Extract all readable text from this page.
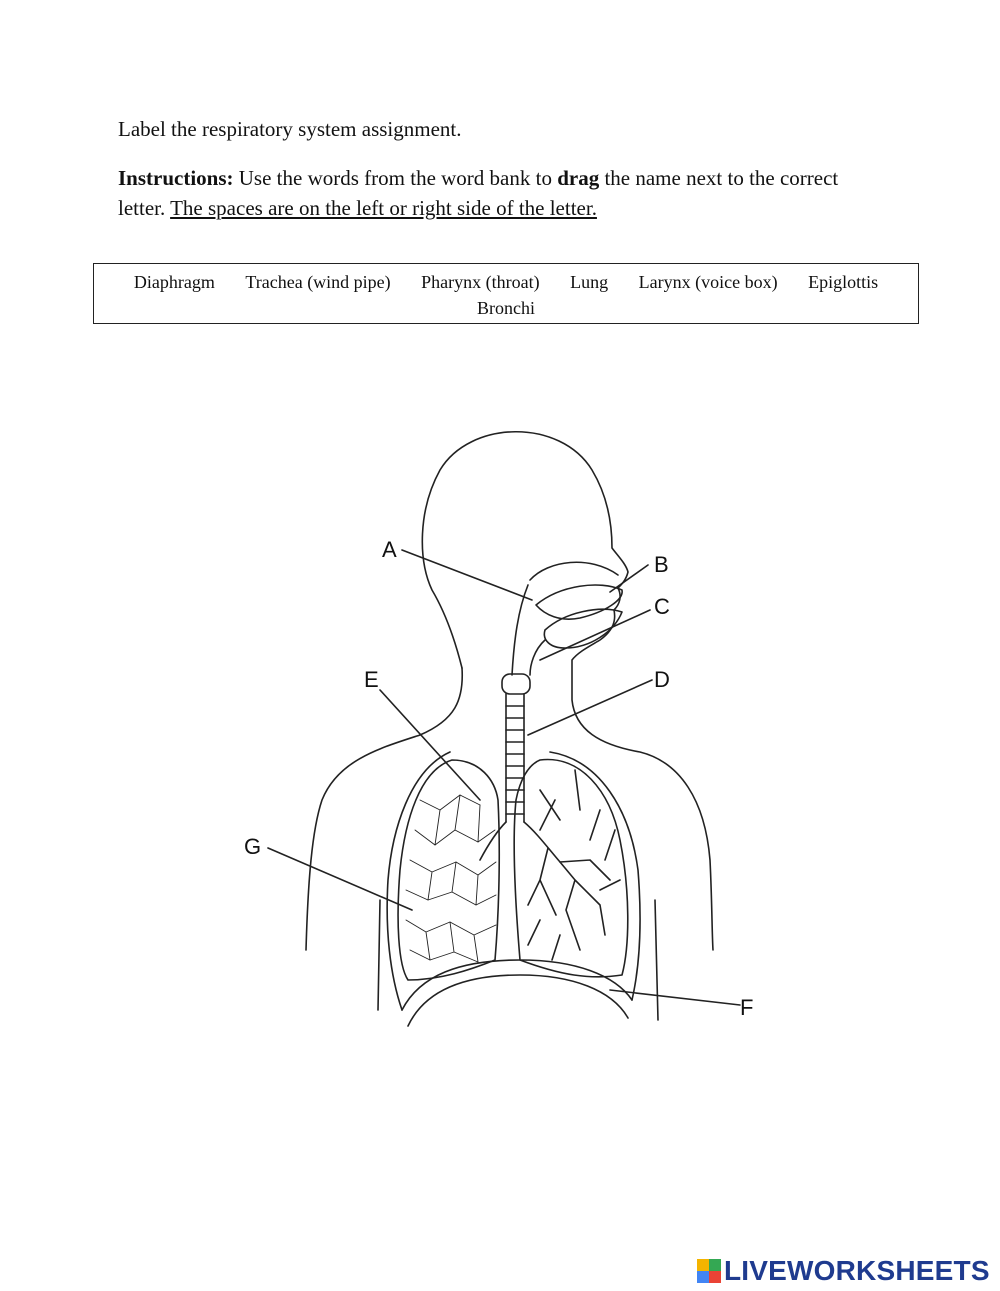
Label the respiratory system assignment.
Instructions: Use the words from the word bank to drag the name next to the correct letter. The spaces are on the left or right side of the letter.
Diaphragm Trachea (wind pipe) Pharynx (throat) Lung Larynx (voice box) Epiglottis
Bronchi
A
B
C
D
E
F
G
LIVEWORKSHEETS
